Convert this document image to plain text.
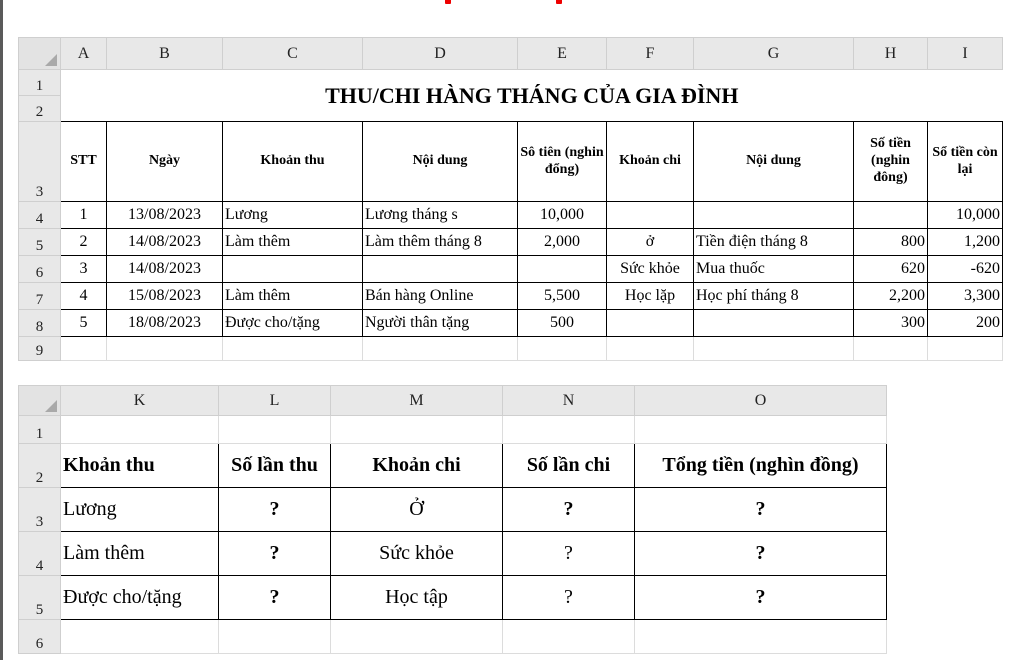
	A	B	C	D	E	F	G	H	I
1	THU/CHI HÀNG THÁNG CỦA GIA ĐÌNH								
2									
3	STT	Ngày	Khoản thu	Nội dung	Sô tiên (nghin đổng)	Khoản chi	Nội dung	Số tiền (nghin đông)	Sổ tiền còn lại
4	1	13/08/2023	Lương	Lương tháng s	10,000				10,000
5	2	14/08/2023	Làm thêm	Làm thêm tháng 8	2,000	ở	Tiền điện tháng 8	800	1,200
6	3	14/08/2023				Sức khỏe	Mua thuốc	620	-620
7	4	15/08/2023	Làm thêm	Bán hàng Online	5,500	Học lặp	Học phí tháng 8	2,200	3,300
8	5	18/08/2023	Được cho/tặng	Người thân tặng	500			300	200
9									
	K	L	M	N	O
1					
2	Khoản thu	Số lần thu	Khoản chi	Số lần chi	Tổng tiền (nghìn đồng)
3	Lương	?	Ở	?	?
4	Làm thêm	?	Sức khỏe	?	?
5	Được cho/tặng	?	Học tập	?	?
6					
